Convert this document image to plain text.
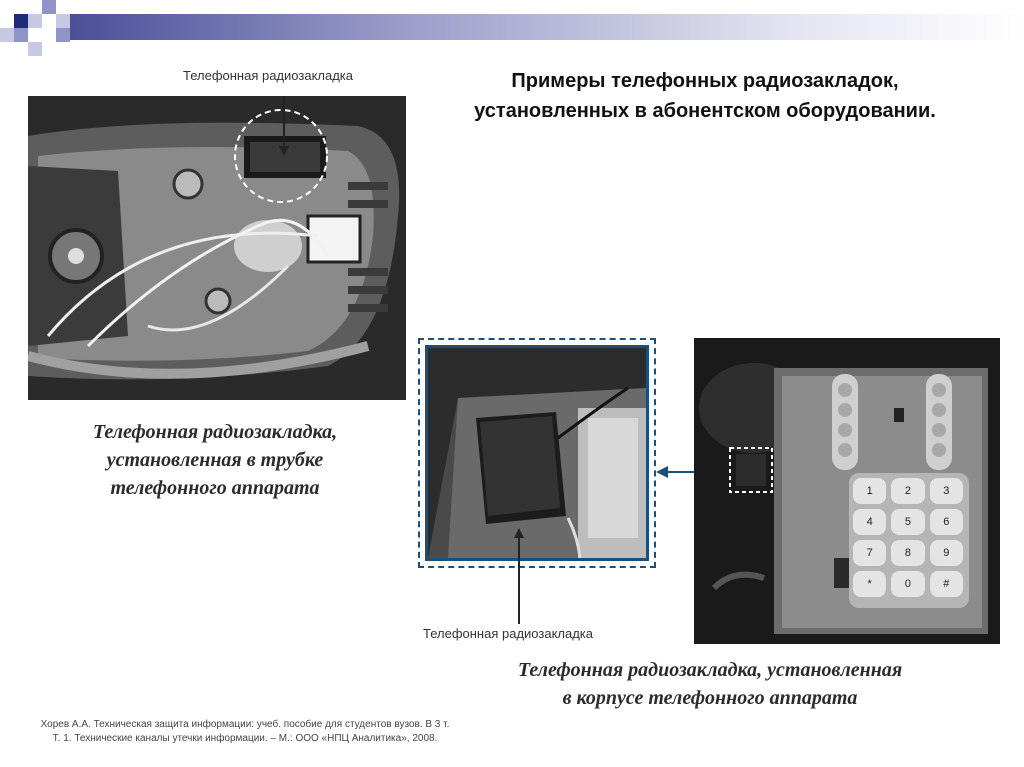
Примеры телефонных радиозакладок, установленных в абонентском оборудовании.
Телефонная радиозакладка
Телефонная радиозакладка,
установленная в трубке
телефонного аппарата
Телефонная радиозакладка
1	2	3
4	5	6
7	8	9
*	0	#
Телефонная радиозакладка, установленная
в корпусе телефонного аппарата
Хорев А.А. Техническая защита информации: учеб. пособие для студентов вузов. В 3 т.
Т. 1. Технические каналы утечки информации. – М.: ООО «НПЦ Аналитика», 2008.
